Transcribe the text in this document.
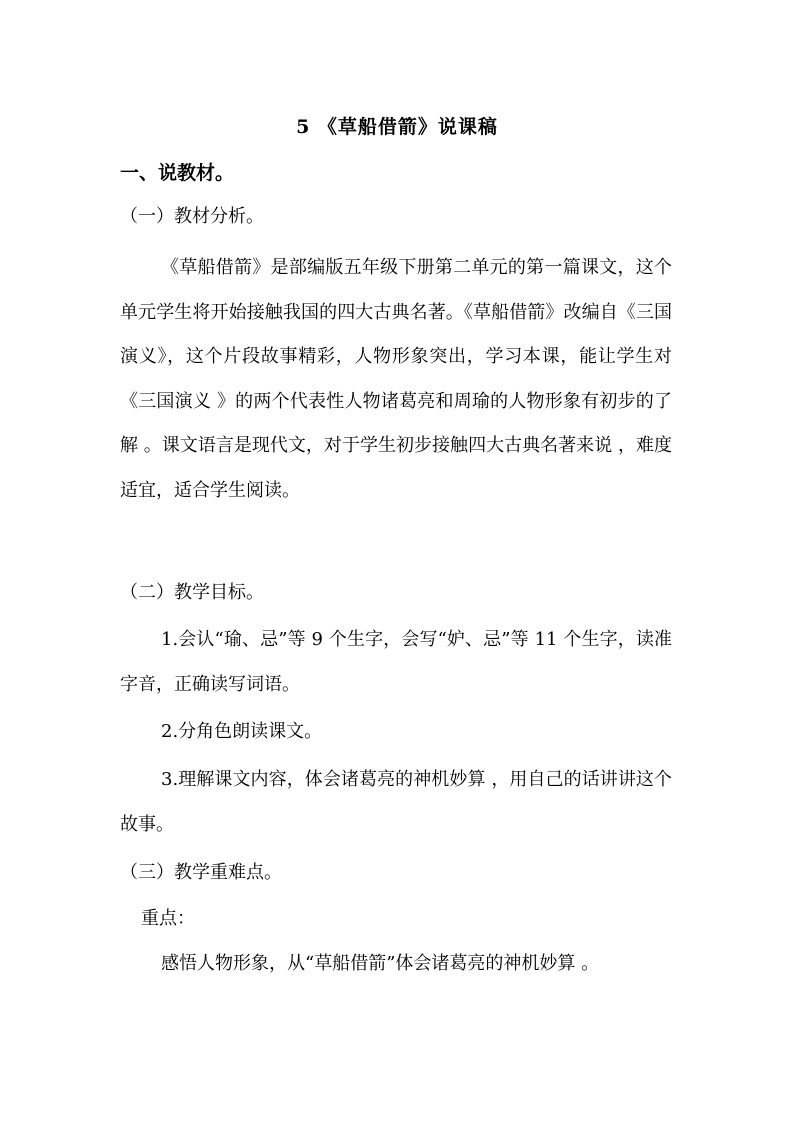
5 《草船借箭》说课稿
一、说教材。
（一）教材分析。
《草船借箭》是部编版五年级下册第二单元的第一篇课文，这个单元学生将开始接触我国的四大古典名著。《草船借箭》改编自《三国演义》，这个片段故事精彩，人物形象突出，学习本课，能让学生对《三国演义 》的两个代表性人物诸葛亮和周瑜的人物形象有初步的了解 。课文语言是现代文，对于学生初步接触四大古典名著来说 ，难度适宜，适合学生阅读。
（二）教学目标。
1.会认“瑜、忌”等 9 个生字，会写“妒、忌”等 11 个生字，读准字音，正确读写词语。
2.分角色朗读课文。
3.理解课文内容，体会诸葛亮的神机妙算 ，用自己的话讲讲这个故事。
（三）教学重难点。
重点：
感悟人物形象，从“草船借箭”体会诸葛亮的神机妙算 。
